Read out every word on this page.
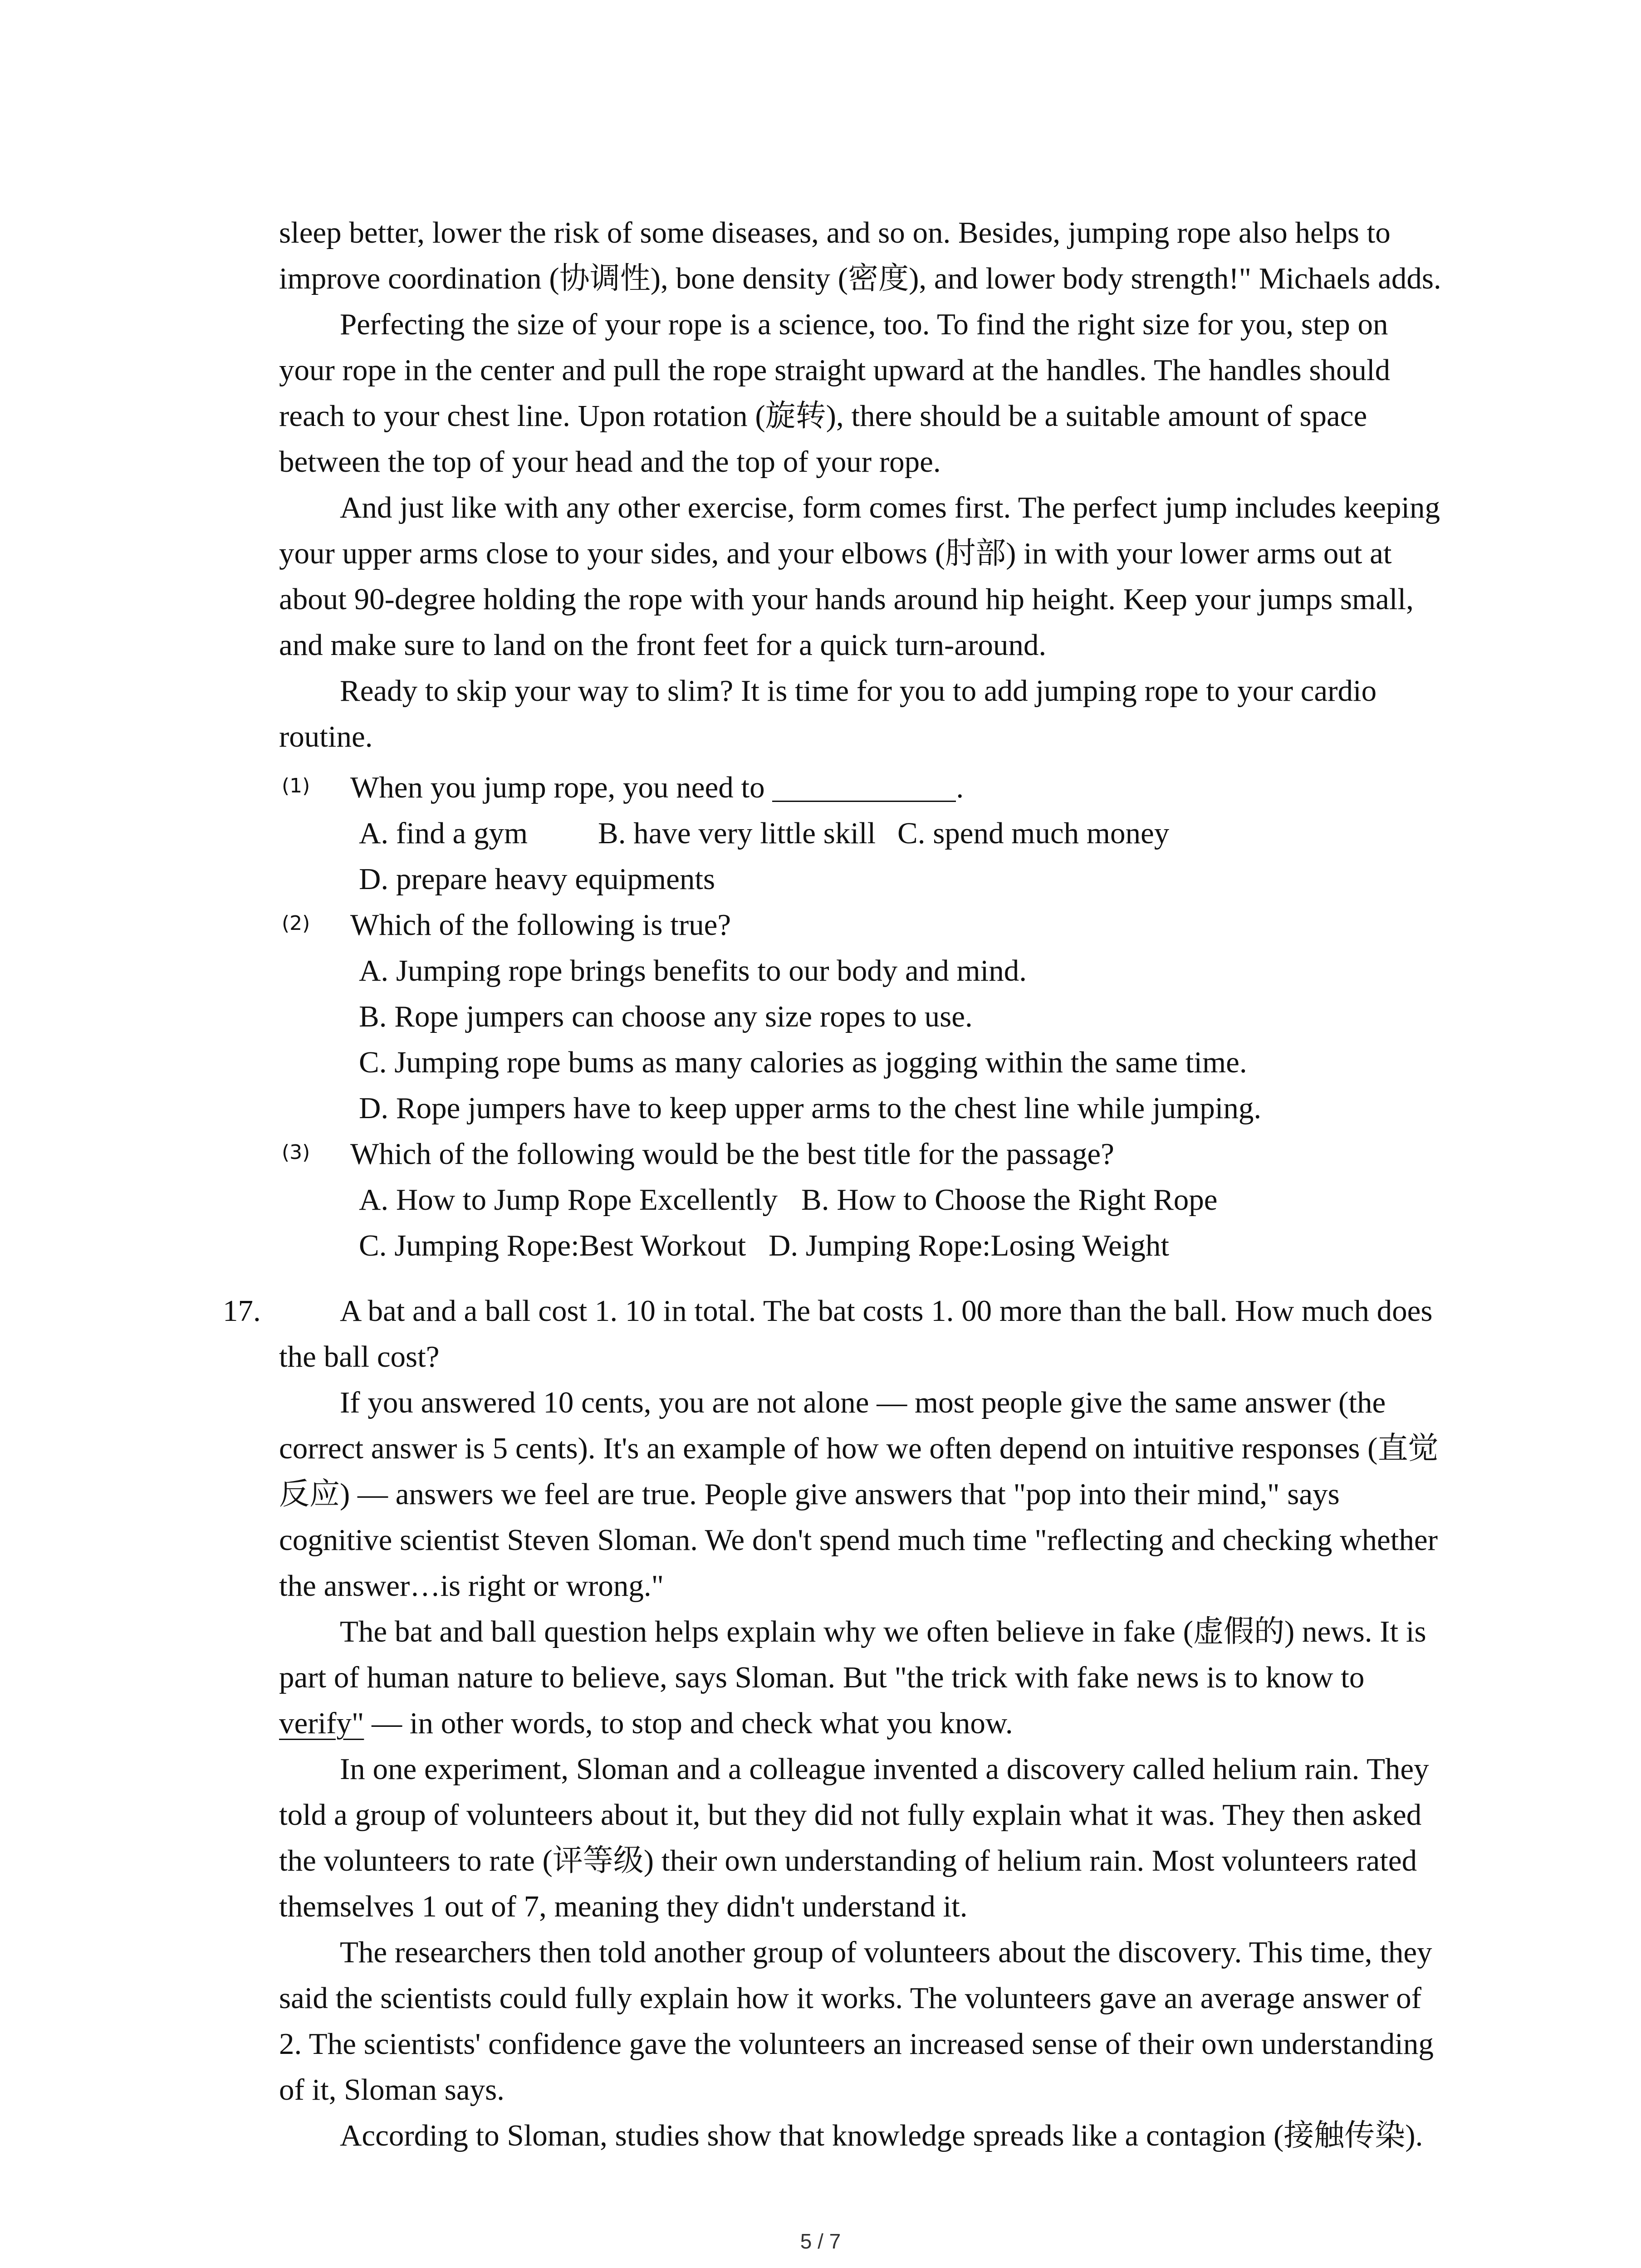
sleep better, lower the risk of some diseases, and so on. Besides, jumping rope also helps to
improve coordination (协调性), bone density (密度), and lower body strength!" Michaels adds.
Perfecting the size of your rope is a science, too. To find the right size for you, step on
your rope in the center and pull the rope straight upward at the handles. The handles should
reach to your chest line. Upon rotation (旋转), there should be a suitable amount of space
between the top of your head and the top of your rope.
And just like with any other exercise, form comes first. The perfect jump includes keeping
your upper arms close to your sides, and your elbows (肘部) in with your lower arms out at
about 90-degree holding the rope with your hands around hip height. Keep your jumps small,
and make sure to land on the front feet for a quick turn-around.
Ready to skip your way to slim? It is time for you to add jumping rope to your cardio
routine.
(1) When you jump rope, you need to	.
A. find a gym B. have very little skill C. spend much money
D. prepare heavy equipments
(2) Which of the following is true?
A. Jumping rope brings benefits to our body and mind.
B. Rope jumpers can choose any size ropes to use.
C. Jumping rope bums as many calories as jogging within the same time.
D. Rope jumpers have to keep upper arms to the chest line while jumping.
(3) Which of the following would be the best title for the passage?
A. How to Jump Rope Excellently B. How to Choose the Right Rope
C. Jumping Rope:Best Workout D. Jumping Rope:Losing Weight
17.	A bat and a ball cost 1. 10 in total. The bat costs 1. 00 more than the ball. How much does
the ball cost?
If you answered 10 cents, you are not alone — most people give the same answer (the
correct answer is 5 cents). It's an example of how we often depend on intuitive responses (直觉
反应) — answers we feel are true. People give answers that "pop into their mind," says
cognitive scientist Steven Sloman. We don't spend much time "reflecting and checking whether
the answer…is right or wrong."
The bat and ball question helps explain why we often believe in fake (虚假的) news. It is
part of human nature to believe, says Sloman. But "the trick with fake news is to know to
verify" — in other words, to stop and check what you know.
In one experiment, Sloman and a colleague invented a discovery called helium rain. They
told a group of volunteers about it, but they did not fully explain what it was. They then asked
the volunteers to rate (评等级) their own understanding of helium rain. Most volunteers rated
themselves 1 out of 7, meaning they didn't understand it.
The researchers then told another group of volunteers about the discovery. This time, they
said the scientists could fully explain how it works. The volunteers gave an average answer of
2. The scientists' confidence gave the volunteers an increased sense of their own understanding
of it, Sloman says.
According to Sloman, studies show that knowledge spreads like a contagion (接触传染).
5 / 7
